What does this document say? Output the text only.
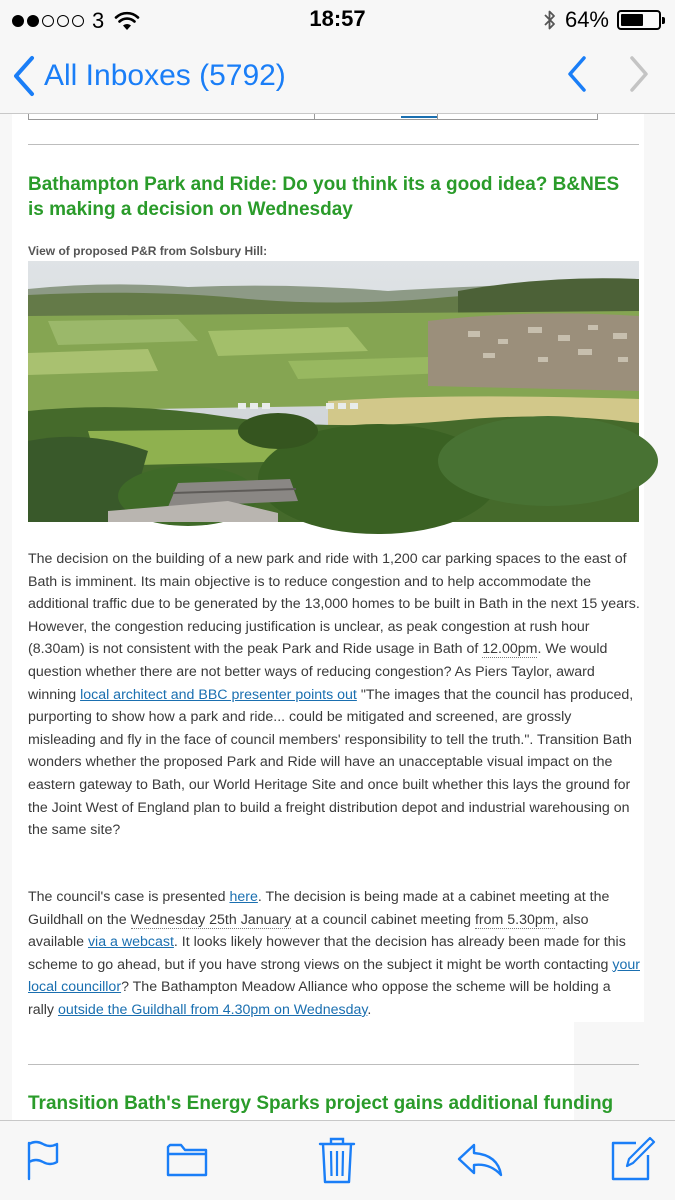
3	18:57	64%
All Inboxes (5792)
Bathampton Park and Ride: Do you think its a good idea? B&NES is making a decision on Wednesday
View of proposed P&R from Solsbury Hill:
The decision on the building of a new park and ride with 1,200 car parking spaces to the east of Bath is imminent. Its main objective is to reduce congestion and to help accommodate the additional traffic due to be generated by the 13,000 homes to be built in Bath in the next 15 years. However, the congestion reducing justification is unclear, as peak congestion at rush hour (8.30am) is not consistent with the peak Park and Ride usage in Bath of 12.00pm. We would question whether there are not better ways of reducing congestion? As Piers Taylor, award winning local architect and BBC presenter points out "The images that the council has produced, purporting to show how a park and ride... could be mitigated and screened, are grossly misleading and fly in the face of council members' responsibility to tell the truth.". Transition Bath wonders whether the proposed Park and Ride will have an unacceptable visual impact on the eastern gateway to Bath, our World Heritage Site and once built whether this lays the ground for the Joint West of England plan to build a freight distribution depot and industrial warehousing on the same site?
The council's case is presented here. The decision is being made at a cabinet meeting at the Guildhall on the Wednesday 25th January at a council cabinet meeting from 5.30pm, also available via a webcast. It looks likely however that the decision has already been made for this scheme to go ahead, but if you have strong views on the subject it might be worth contacting your local councillor? The Bathampton Meadow Alliance who oppose the scheme will be holding a rally outside the Guildhall from 4.30pm on Wednesday.
Transition Bath's Energy Sparks project gains additional funding
